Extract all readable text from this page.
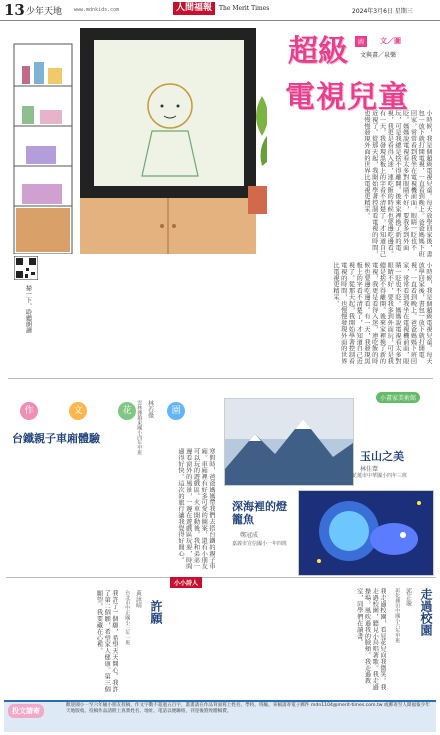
13 少年天地 www.mdnkids.com	人間福報	The Merit Times	2024年3月6日 星期三
超級
電視兒童
圖	文／圖
文與畫／泉樂
小時候，我是個超級電視兒童。每天放學回家後，書包一放下就打開電視，一直看到晚上。爸爸媽媽下班回家，常常看到我坐在電視機前面，眼睛一眨也不眨。媽媽說電視看太多對眼睛不好，要我多到外面玩，可是我總是捨不得離開。後來家裡換了新的電視，我更是看得入迷，連吃飯的時候也要邊吃邊看。有一天，我發現黑板上的字看不清楚了，才知道自己近視了。從那天起，我開始學著控制看電視的時間，也慢慢發現外面的世界比電視更精采。
小時候，我是個超級電視兒童。每天放學回家後，書包一放下就打開電視，一直看到晚上。爸爸媽媽下班回家，常常看到我坐在電視機前面，眼睛一眨也不眨。媽媽說電視看太多對眼睛不好，要我多到外面玩，可是我總是捨不得離開。後來家裡換了新的電視，我更是看得入迷，連吃飯的時候也要邊吃邊看。有一天，我發現黑板上的字看不清楚了，才知道自己近視了。從那天起，我開始學著控制看電視的時間，也慢慢發現外面的世界比電視更精采。
掃一下，聆聽朗讀
作	文	花	園
台鐵親子車廂體驗
林若薇
雲林縣鎮東國小四年甲班
寒假時，爸爸媽媽帶我們去搭台鐵的親子車廂。車廂裡有好多可愛的圖案，還有小朋友可以玩的遊戲區。火車開動後，我和弟弟一邊看窗外的風景，一邊在遊戲區玩耍，時間過得好快。這次的旅行讓我覺得好開心。
小畫家美術館
玉山之美
林佳葦
花蓮市中華國小四年三班
深海裡的燈籠魚
鄭冠成
嘉義市宣信國小一年四班
小小詩人
走過校園
郭芷璇
彰化縣田中國小六年甲班
我走過校園，看見花兒向我微笑。我走過校園，聽見小鳥唱著歌。我走過操場，風吹過我的臉頰。我走過教室，同學們在讀書。
許願
黃詠晴
台北市中正國小三年一班
我許了一個願，希望天天開心。我許了第二個願，希望家人健康。第三個願望，我要藏在心裡。
投文請寄
歡迎國小一至六年級小朋友投稿，作文字數不超過五百字，畫畫請在作品背面寫上姓名、學校、班級。來稿請寄電子郵件 mdn1104@merit-times.com.tw 或郵寄至人間福報少年天地版收。投稿作品請附上真實姓名、地址、電話以便聯絡，刊登後將致贈稿費。
